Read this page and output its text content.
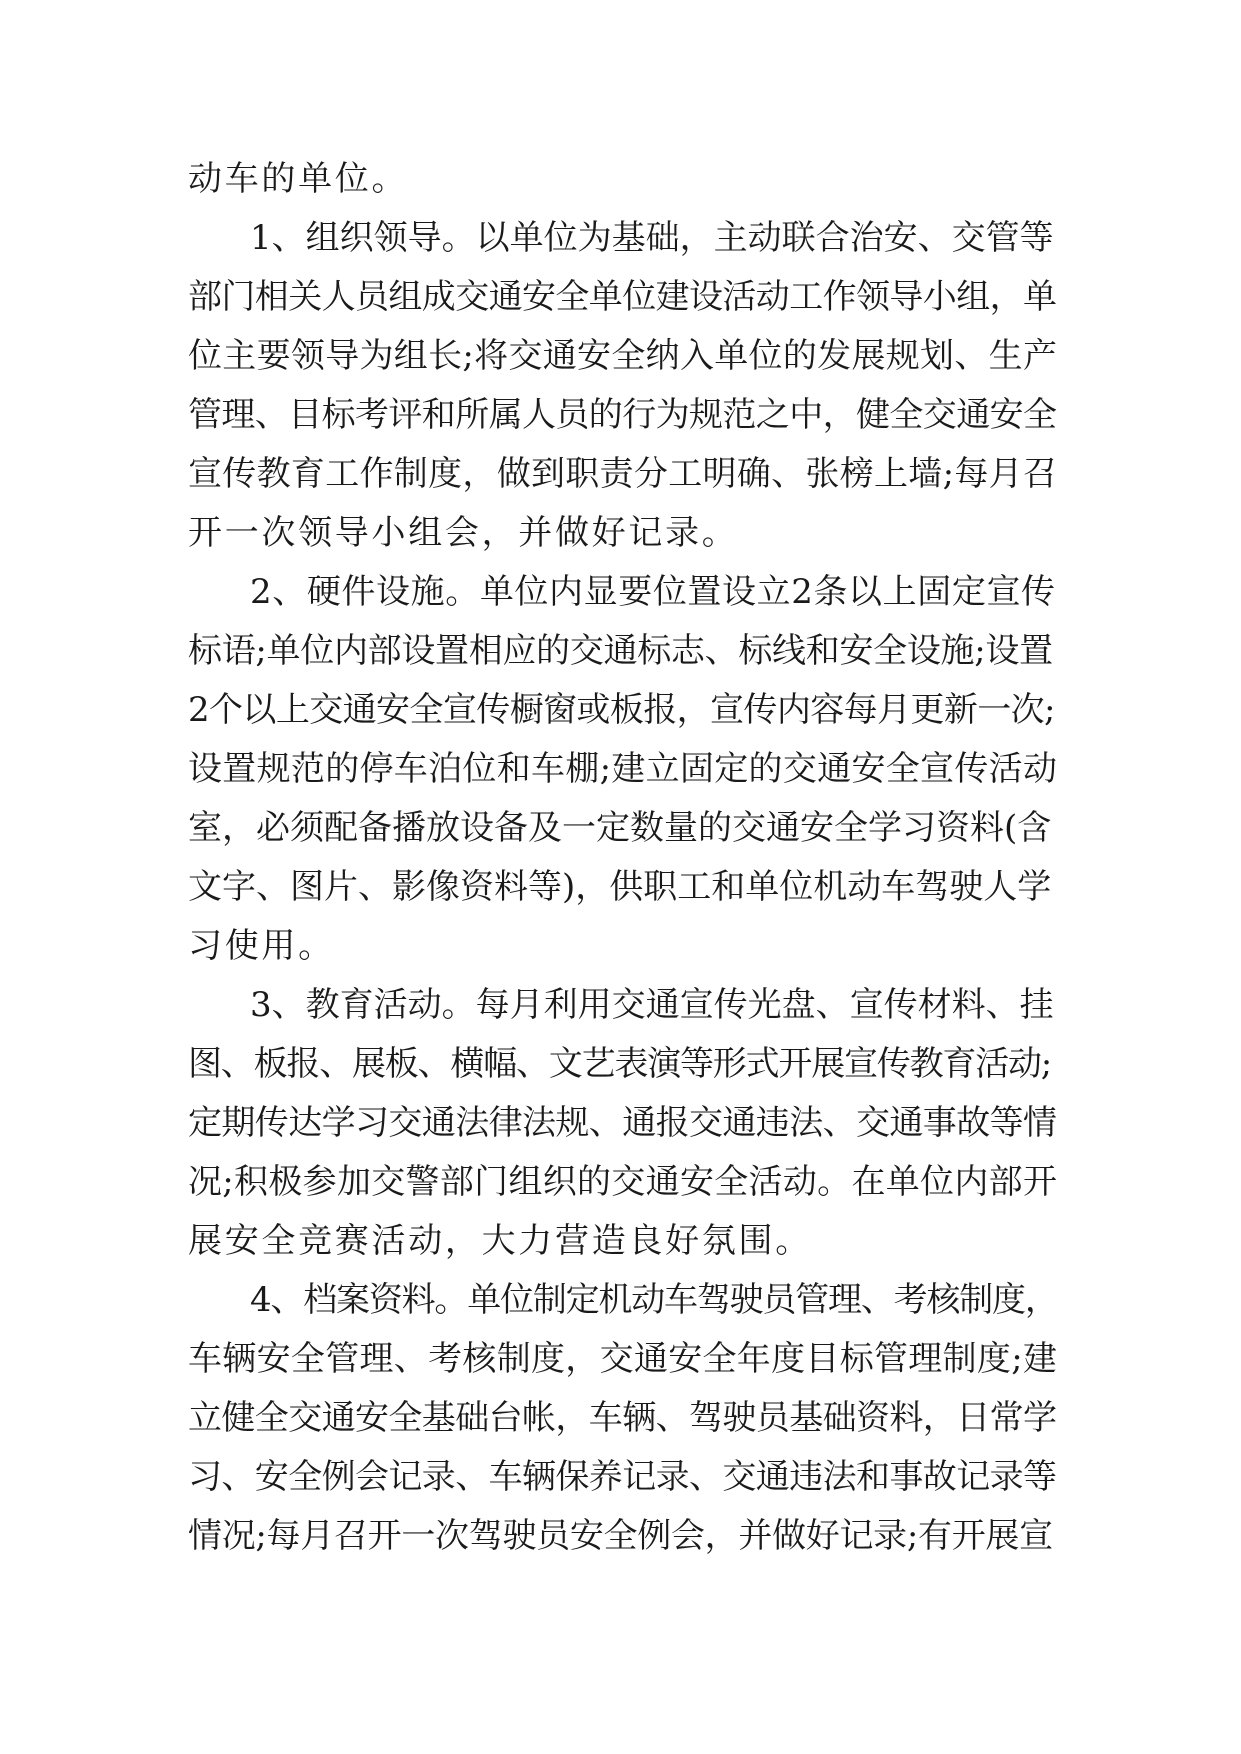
动车的单位。
1、组织领导。以单位为基础，主动联合治安、交管等
部门相关人员组成交通安全单位建设活动工作领导小组，单
位主要领导为组长;将交通安全纳入单位的发展规划、生产
管理、目标考评和所属人员的行为规范之中，健全交通安全
宣传教育工作制度，做到职责分工明确、张榜上墙;每月召
开一次领导小组会，并做好记录。
2、硬件设施。单位内显要位置设立2条以上固定宣传
标语;单位内部设置相应的交通标志、标线和安全设施;设置
2个以上交通安全宣传橱窗或板报，宣传内容每月更新一次;
设置规范的停车泊位和车棚;建立固定的交通安全宣传活动
室，必须配备播放设备及一定数量的交通安全学习资料(含
文字、图片、影像资料等)，供职工和单位机动车驾驶人学
习使用。
3、教育活动。每月利用交通宣传光盘、宣传材料、挂
图、板报、展板、横幅、文艺表演等形式开展宣传教育活动;
定期传达学习交通法律法规、通报交通违法、交通事故等情
况;积极参加交警部门组织的交通安全活动。在单位内部开
展安全竞赛活动，大力营造良好氛围。
4、档案资料。单位制定机动车驾驶员管理、考核制度，
车辆安全管理、考核制度，交通安全年度目标管理制度;建
立健全交通安全基础台帐，车辆、驾驶员基础资料，日常学
习、安全例会记录、车辆保养记录、交通违法和事故记录等
情况;每月召开一次驾驶员安全例会，并做好记录;有开展宣
